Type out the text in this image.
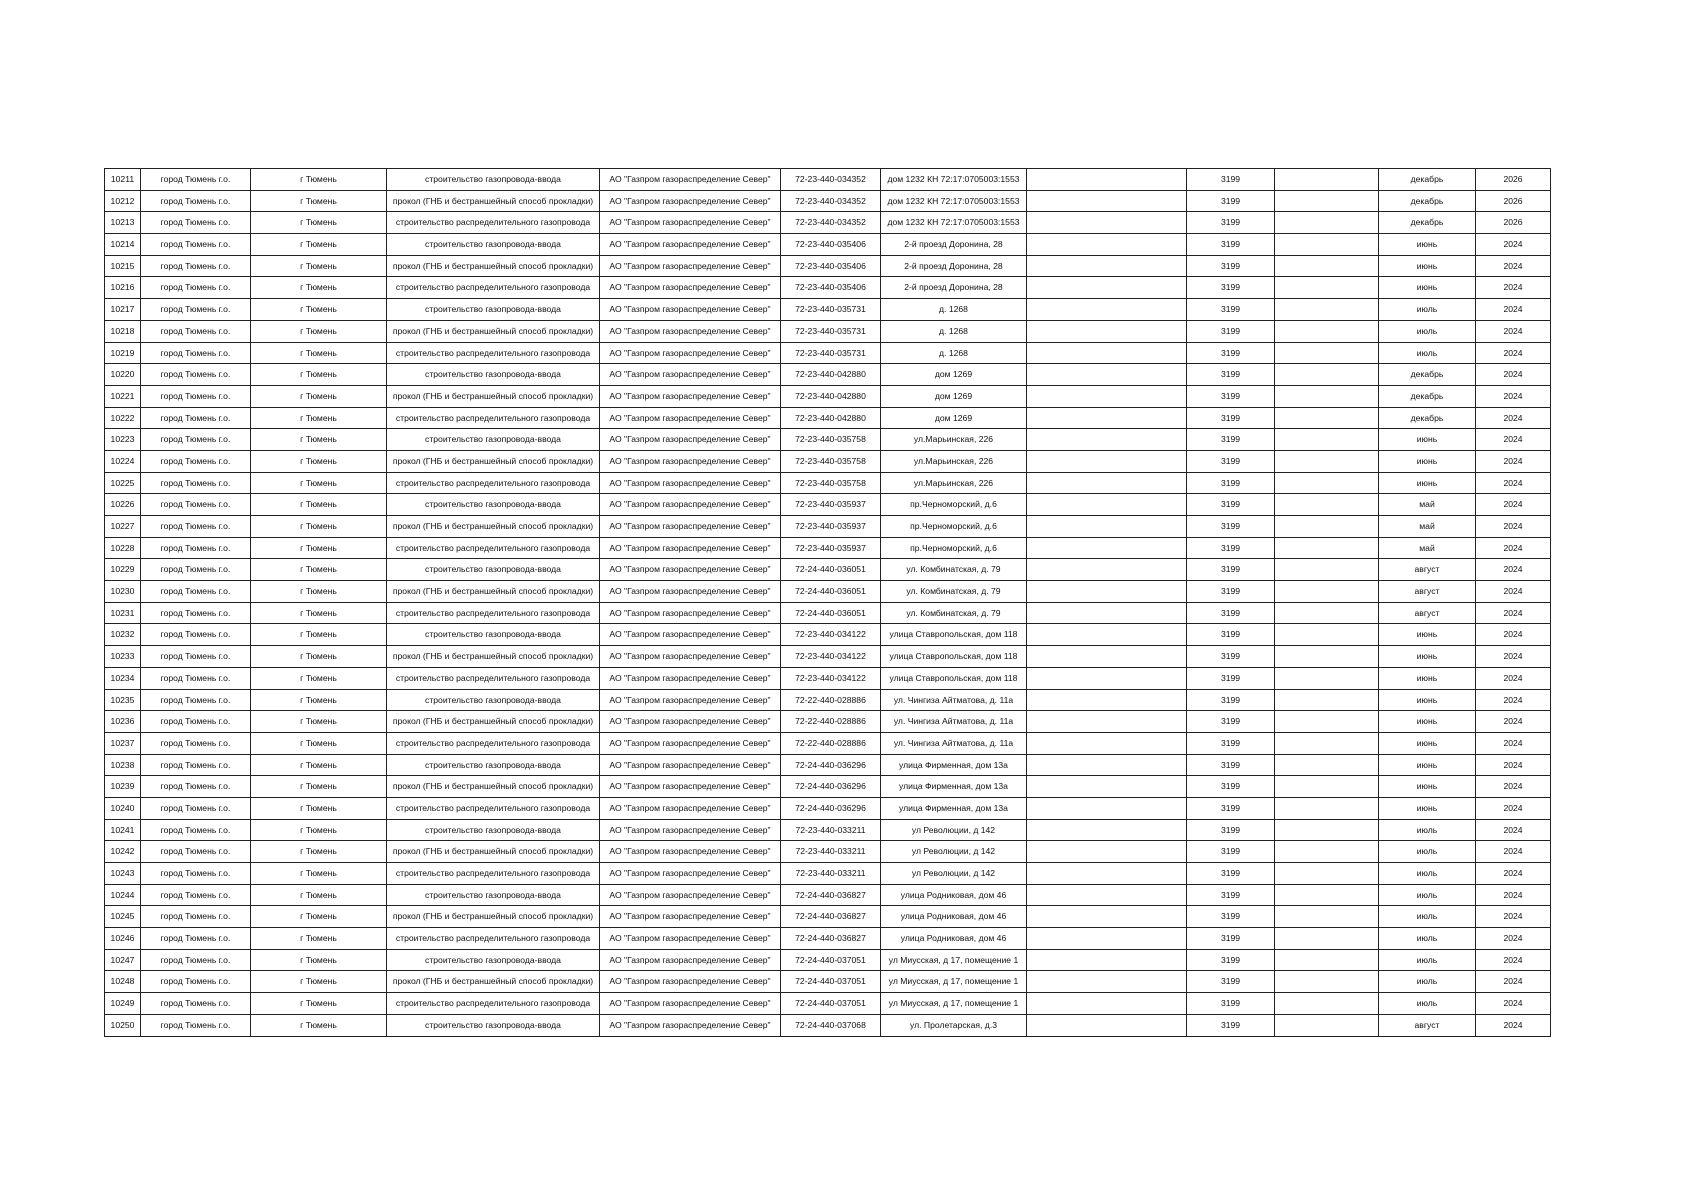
10211	город Тюмень г.о.	г Тюмень	строительство газопровода-ввода	АО "Газпром газораспределение Север"	72-23-440-034352	дом 1232 КН 72:17:0705003:1553		3199		декабрь	2026
10212	город Тюмень г.о.	г Тюмень	прокол (ГНБ и бестраншейный способ прокладки)	АО "Газпром газораспределение Север"	72-23-440-034352	дом 1232 КН 72:17:0705003:1553		3199		декабрь	2026
10213	город Тюмень г.о.	г Тюмень	строительство распределительного газопровода	АО "Газпром газораспределение Север"	72-23-440-034352	дом 1232 КН 72:17:0705003:1553		3199		декабрь	2026
10214	город Тюмень г.о.	г Тюмень	строительство газопровода-ввода	АО "Газпром газораспределение Север"	72-23-440-035406	2-й проезд Доронина, 28		3199		июнь	2024
10215	город Тюмень г.о.	г Тюмень	прокол (ГНБ и бестраншейный способ прокладки)	АО "Газпром газораспределение Север"	72-23-440-035406	2-й проезд Доронина, 28		3199		июнь	2024
10216	город Тюмень г.о.	г Тюмень	строительство распределительного газопровода	АО "Газпром газораспределение Север"	72-23-440-035406	2-й проезд Доронина, 28		3199		июнь	2024
10217	город Тюмень г.о.	г Тюмень	строительство газопровода-ввода	АО "Газпром газораспределение Север"	72-23-440-035731	д. 1268		3199		июль	2024
10218	город Тюмень г.о.	г Тюмень	прокол (ГНБ и бестраншейный способ прокладки)	АО "Газпром газораспределение Север"	72-23-440-035731	д. 1268		3199		июль	2024
10219	город Тюмень г.о.	г Тюмень	строительство распределительного газопровода	АО "Газпром газораспределение Север"	72-23-440-035731	д. 1268		3199		июль	2024
10220	город Тюмень г.о.	г Тюмень	строительство газопровода-ввода	АО "Газпром газораспределение Север"	72-23-440-042880	дом 1269		3199		декабрь	2024
10221	город Тюмень г.о.	г Тюмень	прокол (ГНБ и бестраншейный способ прокладки)	АО "Газпром газораспределение Север"	72-23-440-042880	дом 1269		3199		декабрь	2024
10222	город Тюмень г.о.	г Тюмень	строительство распределительного газопровода	АО "Газпром газораспределение Север"	72-23-440-042880	дом 1269		3199		декабрь	2024
10223	город Тюмень г.о.	г Тюмень	строительство газопровода-ввода	АО "Газпром газораспределение Север"	72-23-440-035758	ул.Марьинская, 226		3199		июнь	2024
10224	город Тюмень г.о.	г Тюмень	прокол (ГНБ и бестраншейный способ прокладки)	АО "Газпром газораспределение Север"	72-23-440-035758	ул.Марьинская, 226		3199		июнь	2024
10225	город Тюмень г.о.	г Тюмень	строительство распределительного газопровода	АО "Газпром газораспределение Север"	72-23-440-035758	ул.Марьинская, 226		3199		июнь	2024
10226	город Тюмень г.о.	г Тюмень	строительство газопровода-ввода	АО "Газпром газораспределение Север"	72-23-440-035937	пр.Черноморский, д.6		3199		май	2024
10227	город Тюмень г.о.	г Тюмень	прокол (ГНБ и бестраншейный способ прокладки)	АО "Газпром газораспределение Север"	72-23-440-035937	пр.Черноморский, д.6		3199		май	2024
10228	город Тюмень г.о.	г Тюмень	строительство распределительного газопровода	АО "Газпром газораспределение Север"	72-23-440-035937	пр.Черноморский, д.6		3199		май	2024
10229	город Тюмень г.о.	г Тюмень	строительство газопровода-ввода	АО "Газпром газораспределение Север"	72-24-440-036051	ул. Комбинатская, д. 79		3199		август	2024
10230	город Тюмень г.о.	г Тюмень	прокол (ГНБ и бестраншейный способ прокладки)	АО "Газпром газораспределение Север"	72-24-440-036051	ул. Комбинатская, д. 79		3199		август	2024
10231	город Тюмень г.о.	г Тюмень	строительство распределительного газопровода	АО "Газпром газораспределение Север"	72-24-440-036051	ул. Комбинатская, д. 79		3199		август	2024
10232	город Тюмень г.о.	г Тюмень	строительство газопровода-ввода	АО "Газпром газораспределение Север"	72-23-440-034122	улица Ставропольская, дом 118		3199		июнь	2024
10233	город Тюмень г.о.	г Тюмень	прокол (ГНБ и бестраншейный способ прокладки)	АО "Газпром газораспределение Север"	72-23-440-034122	улица Ставропольская, дом 118		3199		июнь	2024
10234	город Тюмень г.о.	г Тюмень	строительство распределительного газопровода	АО "Газпром газораспределение Север"	72-23-440-034122	улица Ставропольская, дом 118		3199		июнь	2024
10235	город Тюмень г.о.	г Тюмень	строительство газопровода-ввода	АО "Газпром газораспределение Север"	72-22-440-028886	ул. Чингиза Айтматова, д. 11а		3199		июнь	2024
10236	город Тюмень г.о.	г Тюмень	прокол (ГНБ и бестраншейный способ прокладки)	АО "Газпром газораспределение Север"	72-22-440-028886	ул. Чингиза Айтматова, д. 11а		3199		июнь	2024
10237	город Тюмень г.о.	г Тюмень	строительство распределительного газопровода	АО "Газпром газораспределение Север"	72-22-440-028886	ул. Чингиза Айтматова, д. 11а		3199		июнь	2024
10238	город Тюмень г.о.	г Тюмень	строительство газопровода-ввода	АО "Газпром газораспределение Север"	72-24-440-036296	улица Фирменная, дом 13а		3199		июнь	2024
10239	город Тюмень г.о.	г Тюмень	прокол (ГНБ и бестраншейный способ прокладки)	АО "Газпром газораспределение Север"	72-24-440-036296	улица Фирменная, дом 13а		3199		июнь	2024
10240	город Тюмень г.о.	г Тюмень	строительство распределительного газопровода	АО "Газпром газораспределение Север"	72-24-440-036296	улица Фирменная, дом 13а		3199		июнь	2024
10241	город Тюмень г.о.	г Тюмень	строительство газопровода-ввода	АО "Газпром газораспределение Север"	72-23-440-033211	ул Революции, д 142		3199		июль	2024
10242	город Тюмень г.о.	г Тюмень	прокол (ГНБ и бестраншейный способ прокладки)	АО "Газпром газораспределение Север"	72-23-440-033211	ул Революции, д 142		3199		июль	2024
10243	город Тюмень г.о.	г Тюмень	строительство распределительного газопровода	АО "Газпром газораспределение Север"	72-23-440-033211	ул Революции, д 142		3199		июль	2024
10244	город Тюмень г.о.	г Тюмень	строительство газопровода-ввода	АО "Газпром газораспределение Север"	72-24-440-036827	улица Родниковая, дом 46		3199		июль	2024
10245	город Тюмень г.о.	г Тюмень	прокол (ГНБ и бестраншейный способ прокладки)	АО "Газпром газораспределение Север"	72-24-440-036827	улица Родниковая, дом 46		3199		июль	2024
10246	город Тюмень г.о.	г Тюмень	строительство распределительного газопровода	АО "Газпром газораспределение Север"	72-24-440-036827	улица Родниковая, дом 46		3199		июль	2024
10247	город Тюмень г.о.	г Тюмень	строительство газопровода-ввода	АО "Газпром газораспределение Север"	72-24-440-037051	ул Миусская, д 17, помещение 1		3199		июль	2024
10248	город Тюмень г.о.	г Тюмень	прокол (ГНБ и бестраншейный способ прокладки)	АО "Газпром газораспределение Север"	72-24-440-037051	ул Миусская, д 17, помещение 1		3199		июль	2024
10249	город Тюмень г.о.	г Тюмень	строительство распределительного газопровода	АО "Газпром газораспределение Север"	72-24-440-037051	ул Миусская, д 17, помещение 1		3199		июль	2024
10250	город Тюмень г.о.	г Тюмень	строительство газопровода-ввода	АО "Газпром газораспределение Север"	72-24-440-037068	ул. Пролетарская, д.3		3199		август	2024
